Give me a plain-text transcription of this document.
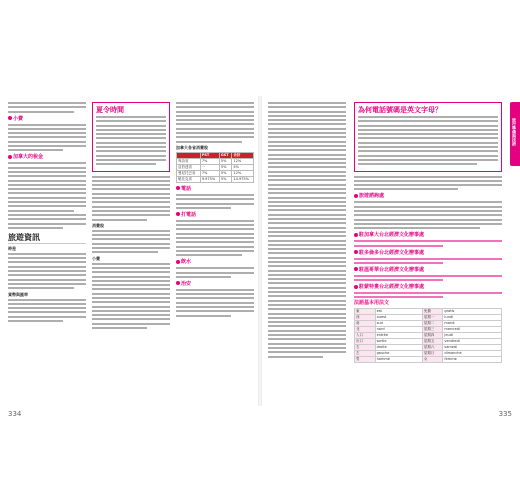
小費
加拿大的稅金
旅遊資訊
時差
貨幣與匯率
夏令時間
消費稅
小費
加拿大各省消費稅
	PST	GST	合計
卑詩省	7%	5%	12%
亞伯達省	－	5%	5%
曼尼托巴省	7%	5%	12%
魁北克省	9.975%	5%	14.975%
電話
打電話
飲水
治安
334
為何電話號碼是英文字母？
旅遊諮詢處
駐加拿大台北經濟文化辦事處
駐多倫多台北經濟文化辦事處
駐溫哥華台北經濟文化辦事處
駐蒙特婁台北經濟文化辦事處
法語基本用法文
東	est	免費	gratis
西	ouest	星期一	lundi
南	sud	星期二	mardi
北	nord	星期三	mercredi
入口	entrée	星期四	jeudi
出口	sortie	星期五	vendredi
右	droite	星期六	samedi
左	gauche	星期日	dimanche
男	homme	女	femme
旅行準備與技術
335
